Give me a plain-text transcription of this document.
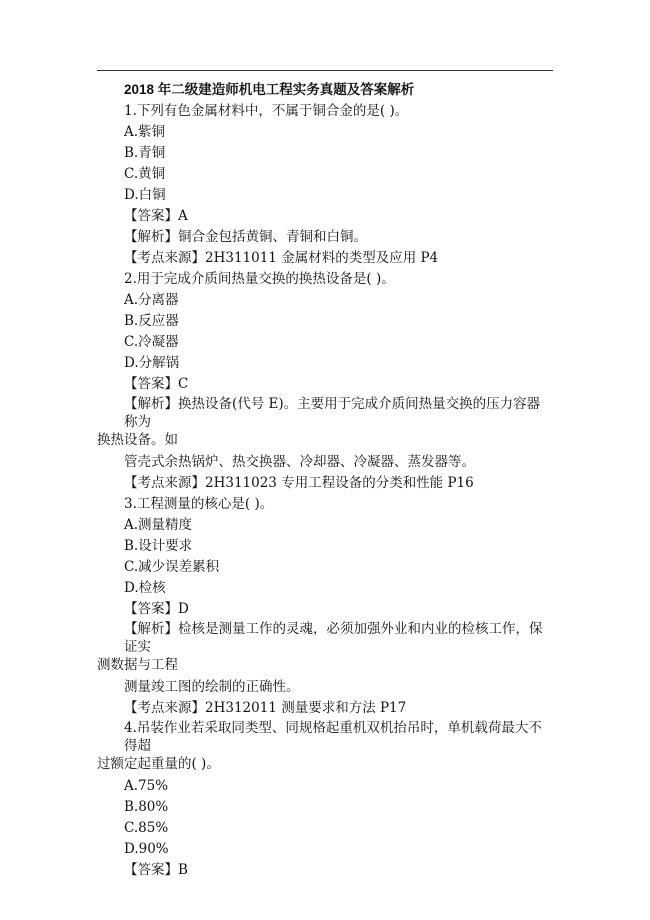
2018 年二级建造师机电工程实务真题及答案解析
1.下列有色金属材料中，不属于铜合金的是( )。
A.紫铜
B.青铜
C.黄铜
D.白铜
【答案】A
【解析】铜合金包括黄铜、青铜和白铜。
【考点来源】2H311011 金属材料的类型及应用 P4
2.用于完成介质间热量交换的换热设备是( )。
A.分离器
B.反应器
C.冷凝器
D.分解锅
【答案】C
【解析】换热设备(代号 E)。主要用于完成介质间热量交换的压力容器称为
换热设备。如
管壳式余热锅炉、热交换器、冷却器、冷凝器、蒸发器等。
【考点来源】2H311023 专用工程设备的分类和性能 P16
3.工程测量的核心是( )。
A.测量精度
B.设计要求
C.减少误差累积
D.检核
【答案】D
【解析】检核是测量工作的灵魂，必须加强外业和内业的检核工作，保证实
测数据与工程
测量竣工图的绘制的正确性。
【考点来源】2H312011 测量要求和方法 P17
4.吊装作业若采取同类型、同规格起重机双机抬吊时，单机载荷最大不得超
过额定起重量的( )。
A.75%
B.80%
C.85%
D.90%
【答案】B
